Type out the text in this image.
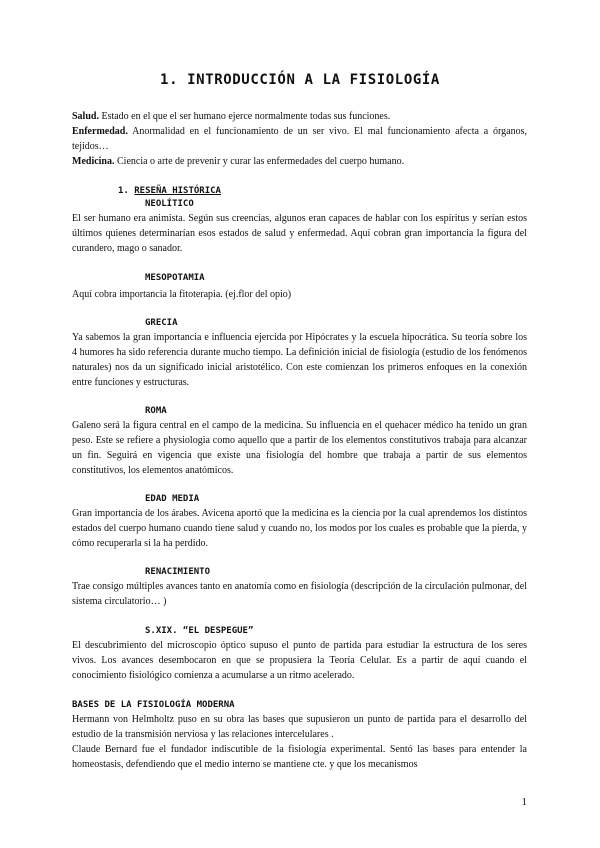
1. INTRODUCCIÓN A LA FISIOLOGÍA
Salud. Estado en el que el ser humano ejerce normalmente todas sus funciones.
Enfermedad. Anormalidad en el funcionamiento de un ser vivo. El mal funcionamiento afecta a órganos, tejidos…
Medicina. Ciencia o arte de prevenir y curar las enfermedades del cuerpo humano.
1. RESEÑA HISTÓRICA
NEOLÍTICO
El ser humano era animista. Según sus creencias, algunos eran capaces de hablar con los espíritus y serían estos últimos quienes determinarían esos estados de salud y enfermedad. Aquí cobran gran importancia la figura del curandero, mago o sanador.
MESOPOTAMIA
Aquí cobra importancia la fitoterapia. (ej.flor del opio)
GRECIA
Ya sabemos la gran importancia e influencia ejercida por Hipócrates y la escuela hipocrática. Su teoría sobre los 4 humores ha sido referencia durante mucho tiempo. La definición inicial de fisiología (estudio de los fenómenos naturales) nos da un significado inicial aristotélico. Con este comienzan los primeros enfoques en la conexión entre funciones y estructuras.
ROMA
Galeno será la figura central en el campo de la medicina. Su influencia en el quehacer médico ha tenido un gran peso. Este se refiere a physiologia como aquello que a partir de los elementos constitutivos trabaja para alcanzar un fin. Seguirá en vigencia que existe una fisiología del hombre que trabaja a partir de sus elementos constitutivos, los elementos anatómicos.
EDAD MEDIA
Gran importancia de los árabes. Avicena aportó que la medicina es la ciencia por la cual aprendemos los distintos estados del cuerpo humano cuando tiene salud y cuando no, los modos por los cuales es probable que la pierda, y cómo recuperarla si la ha perdido.
RENACIMIENTO
Trae consigo múltiples avances tanto en anatomía como en fisiología (descripción de la circulación pulmonar, del sistema circulatorio… )
S.XIX. “EL DESPEGUE”
El descubrimiento del microscopio óptico supuso el punto de partida para estudiar la estructura de los seres vivos. Los avances desembocaron en que se propusiera la Teoría Celular. Es a partir de aquí cuando el conocimiento fisiológico comienza a acumularse a un ritmo acelerado.
BASES DE LA FISIOLOGÍA MODERNA
Hermann von Helmholtz puso en su obra las bases que supusieron un punto de partida para el desarrollo del estudio de la transmisión nerviosa y las relaciones intercelulares .
Claude Bernard fue el fundador indiscutible de la fisiología experimental. Sentó las bases para entender la homeostasis, defendiendo que el medio interno se mantiene cte. y que los mecanismos
1
